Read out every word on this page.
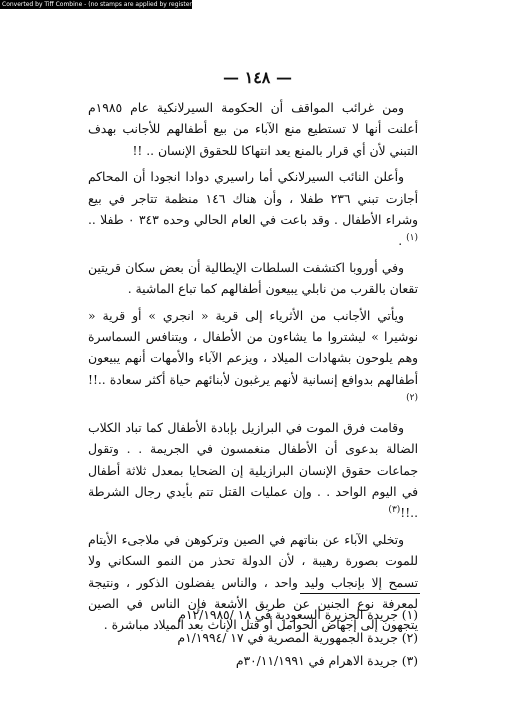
Converted by Tiff Combine - (no stamps are applied by registered version)
— ١٤٨ —

ومن غرائب المواقف أن الحكومة السيرلانكية عام ١٩٨٥م أعلنت أنها لا تستطيع منع الآباء من بيع أطفالهم للأجانب بهدف التبني لأن أي قرار بالمنع يعد انتهاكا للحقوق الإنسان .. !!

وأعلن النائب السيرلانكي أما راسيري دوادا انجودا أن المحاكم أجازت تبني ٢٣٦ طفلا ، وأن هناك ١٤٦ منظمة تتاجر في بيع وشراء الأطفال . وقد باعت في العام الحالي وحده ٣٤٣ ٠ طفلا ..$^{(١)}$ .

وفي أوروبا اكتشفت السلطات الإيطالية أن بعض سكان قريتين تقعان بالقرب من نابلي يبيعون أطفالهم كما تباع الماشية .

ويأتي الأجانب من الأثرياء إلى قرية « انجري » أو قرية « نوشيرا » ليشتروا ما يشاءون من الأطفال ، ويتنافس السماسرة وهم يلوحون بشهادات الميلاد ، ويزعم الآباء والأمهات أنهم يبيعون أطفالهم بدوافع إنسانية لأنهم يرغبون لأبنائهم حياة أكثر سعادة ..!!$^{(٢)}$

وقامت فرق الموت في البرازيل بإبادة الأطفال كما تباد الكلاب الضالة بدعوى أن الأطفال منغمسون في الجريمة . . وتقول جماعات حقوق الإنسان البرازيلية إن الضحايا بمعدل ثلاثة أطفال في اليوم الواحد . . وإن عمليات القتل تتم بأيدي رجال الشرطة ..!!$^{(٣)}$

وتخلي الآباء عن بناتهم في الصين وتركوهن في ملاجىء الأيتام للموت بصورة رهيبة ، لأن الدولة تحذر من النمو السكاني ولا تسمح إلا بإنجاب وليد واحد ، والناس يفضلون الذكور ، ونتيجة لمعرفة نوع الجنين عن طريق الأشعة فإن الناس في الصين يتجهون إلى إجهاض الحوامل أو قتل الإناث بعد الميلاد مباشرة .

(١) جريدة الجزيرة السعودية في ١٨ /١٢/١٩٨٥م

(٢) جريدة الجمهورية المصرية في ١٧ /١/١٩٩٤م

(٣) جريدة الاهرام في ٣٠/١١/١٩٩١م
